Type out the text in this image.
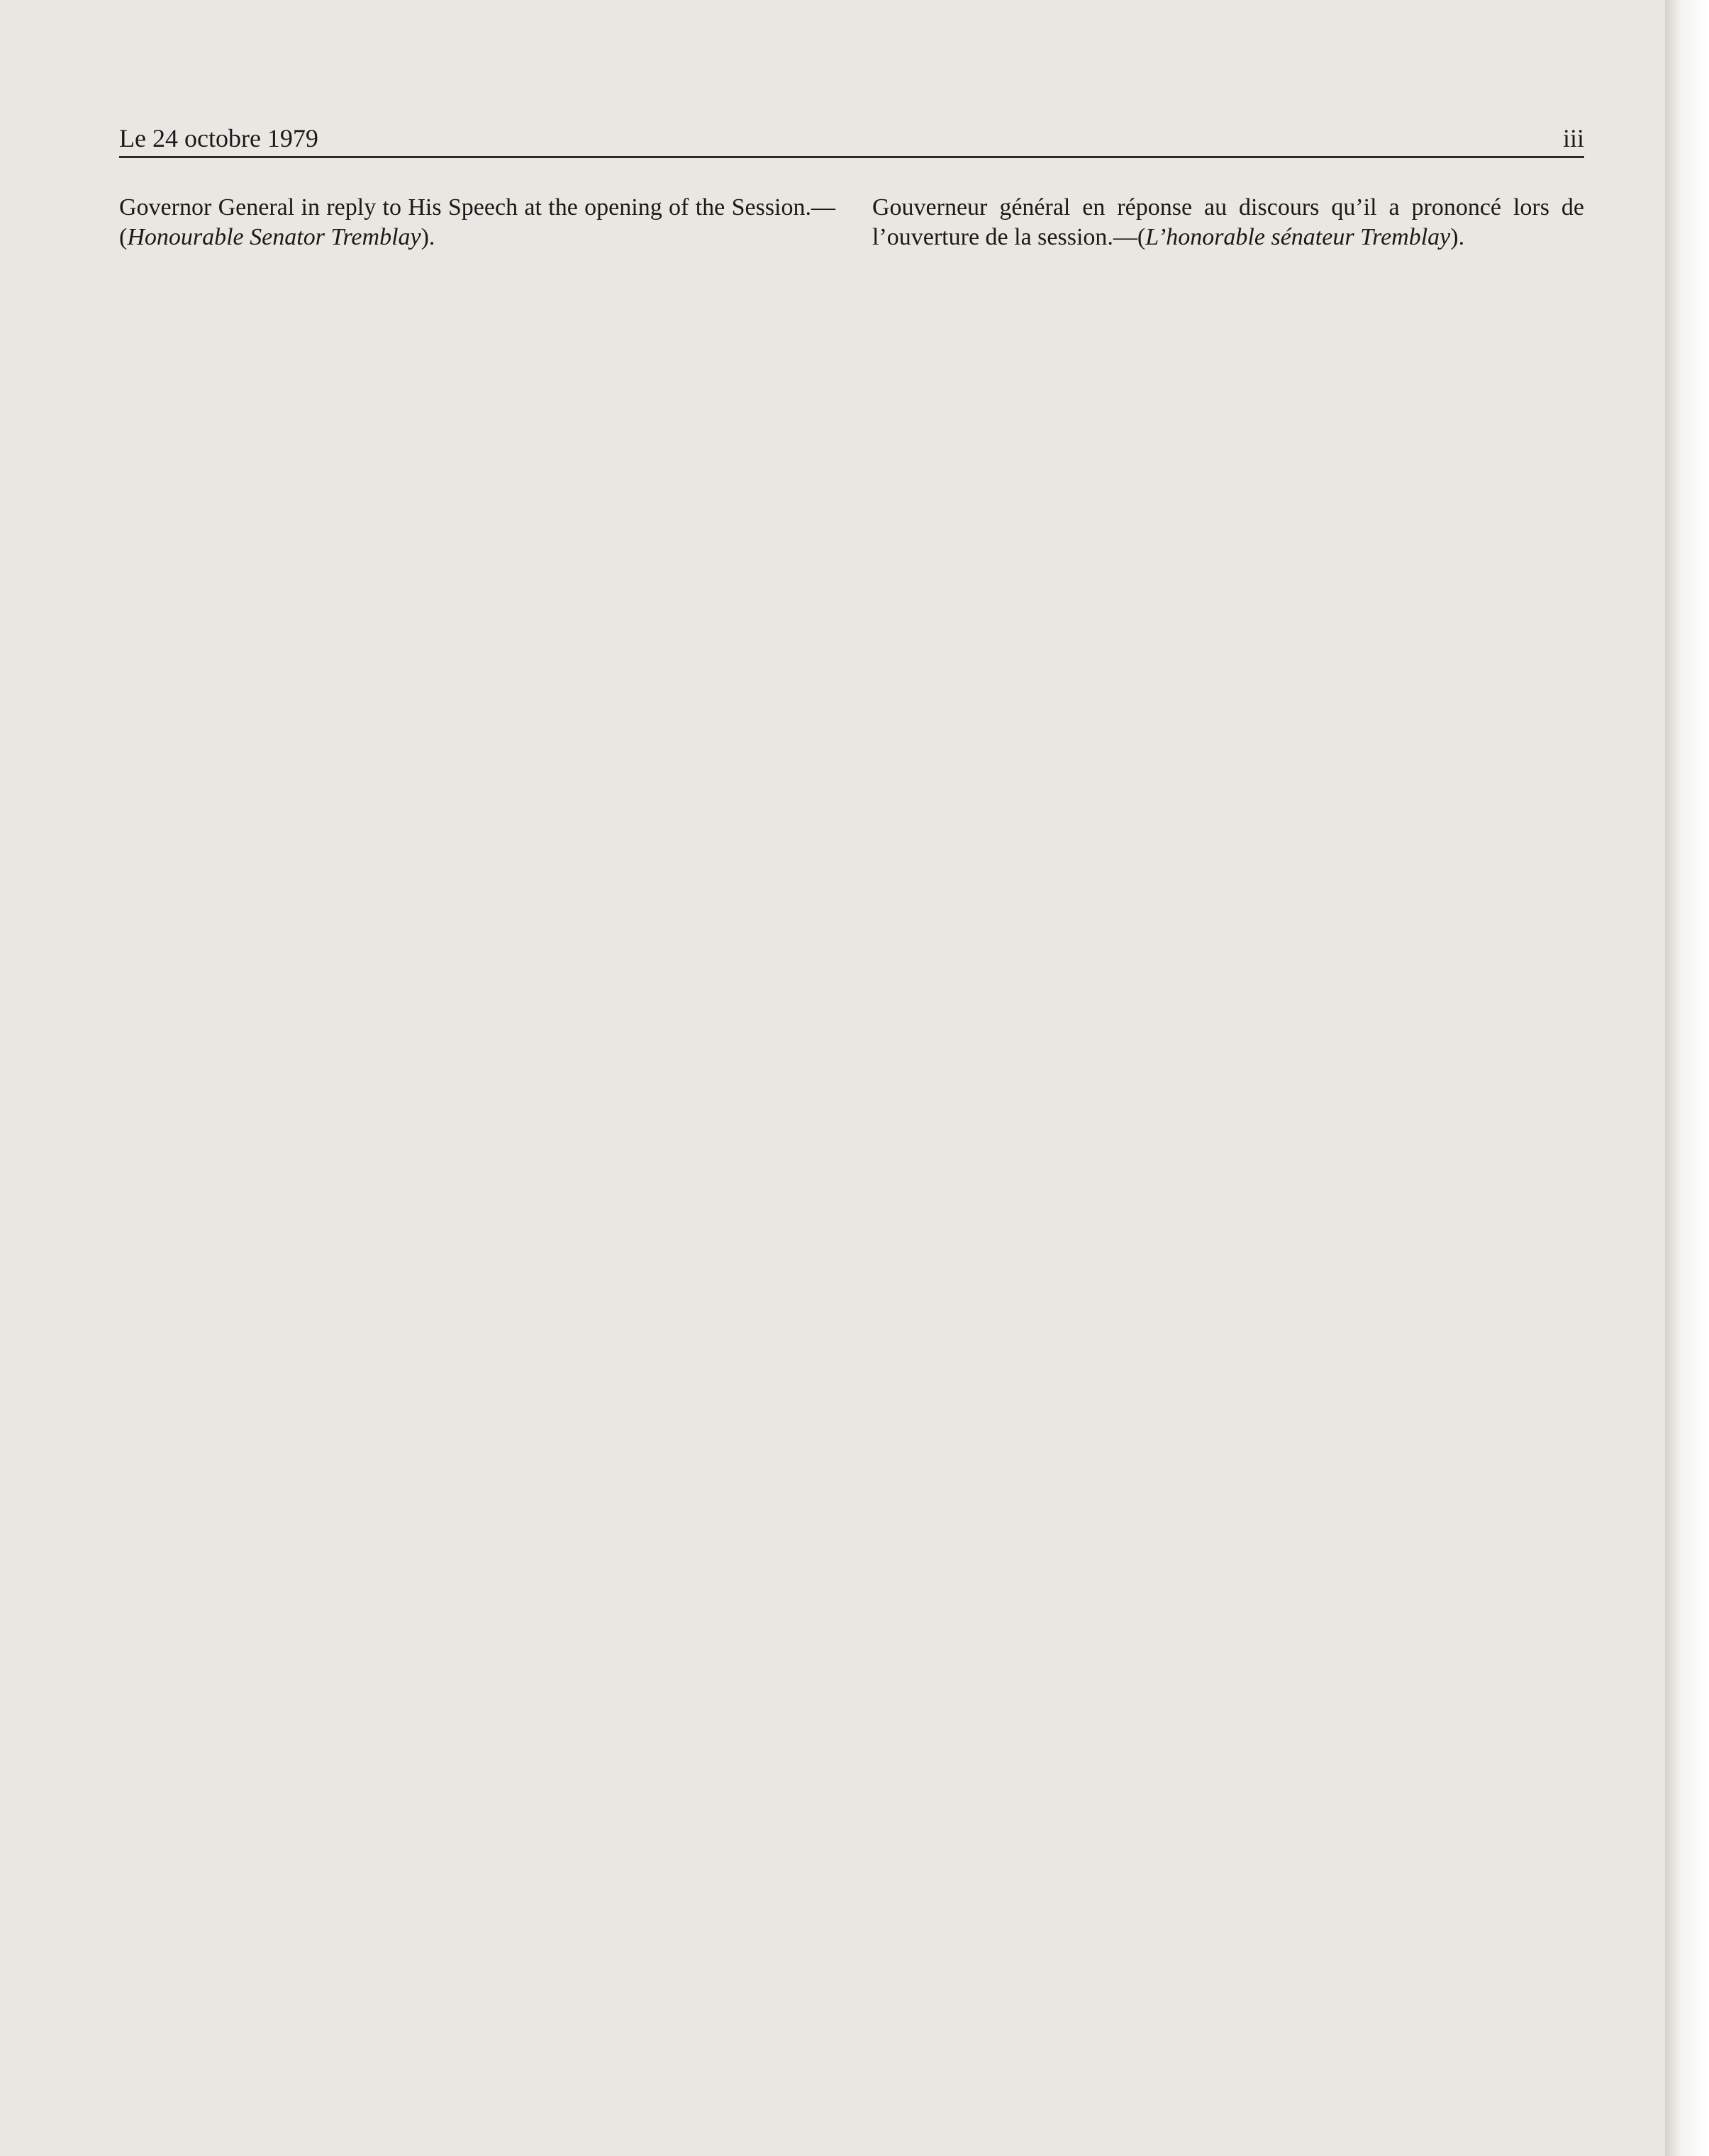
Le 24 octobre 1979	iii

Governor General in reply to His Speech at the opening of the Session.—(Honourable Senator Tremblay).

Gouverneur général en réponse au discours qu’il a prononcé lors de l’ouverture de la session.—(L’honorable sénateur Tremblay).
